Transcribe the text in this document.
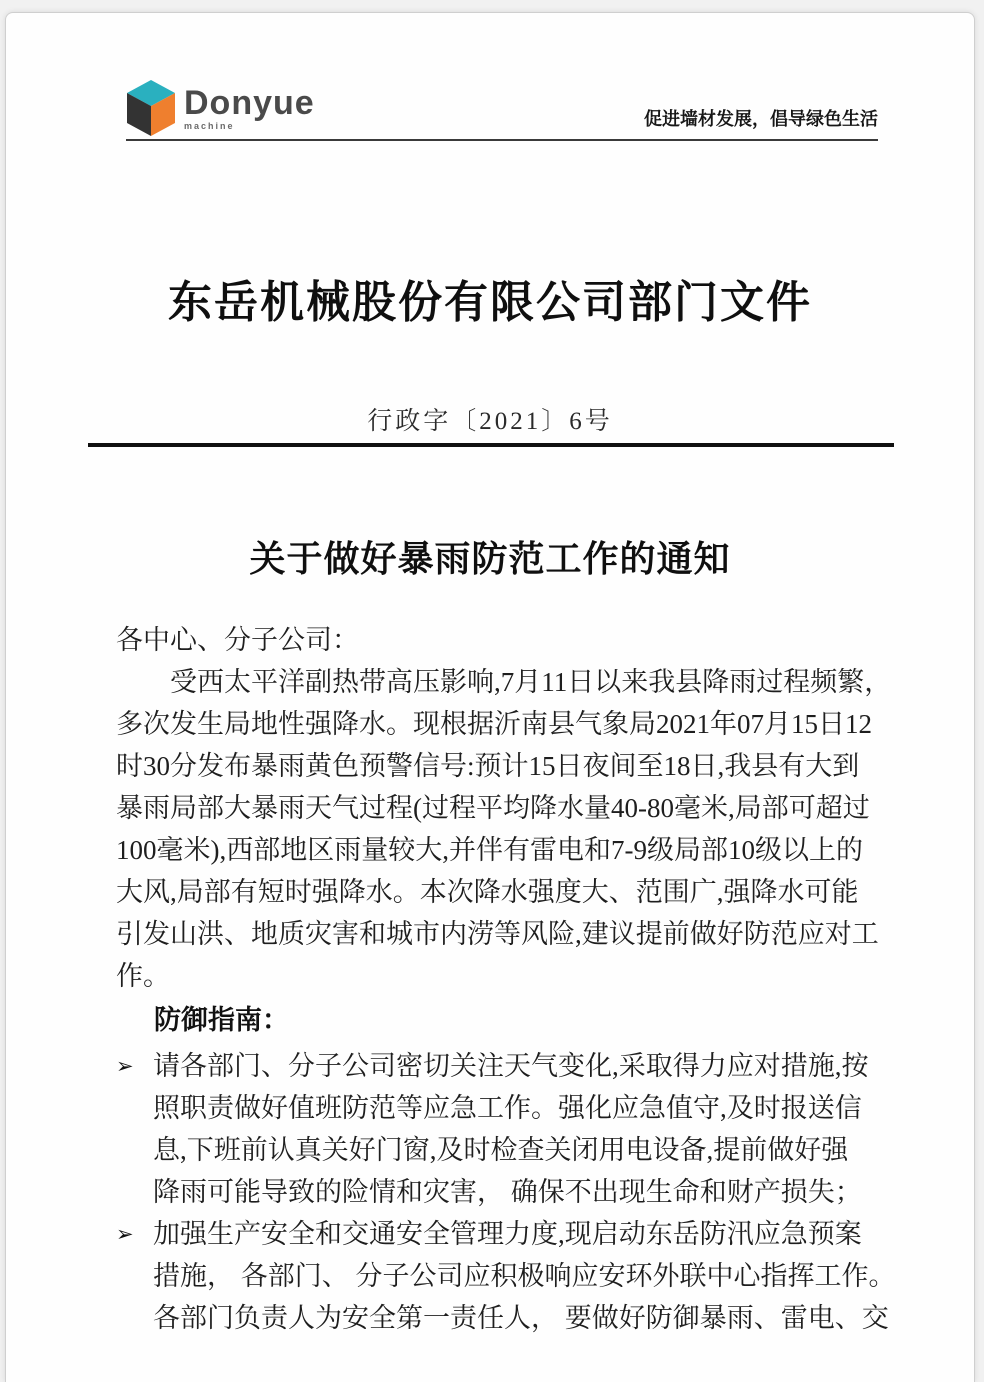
Donyue
machine	促进墙材发展，倡导绿色生活
东岳机械股份有限公司部门文件
行政字〔2021〕6号
关于做好暴雨防范工作的通知
各中心、分子公司：
受西太平洋副热带高压影响,7月11日以来我县降雨过程频繁，
多次发生局地性强降水。现根据沂南县气象局2021年07月15日12
时30分发布暴雨黄色预警信号:预计15日夜间至18日,我县有大到
暴雨局部大暴雨天气过程(过程平均降水量40-80毫米,局部可超过
100毫米),西部地区雨量较大,并伴有雷电和7-9级局部10级以上的
大风,局部有短时强降水。本次降水强度大、范围广,强降水可能
引发山洪、地质灾害和城市内涝等风险,建议提前做好防范应对工
作。
防御指南：
➢ 请各部门、分子公司密切关注天气变化,采取得力应对措施,按
照职责做好值班防范等应急工作。强化应急值守,及时报送信
息,下班前认真关好门窗,及时检查关闭用电设备,提前做好强
降雨可能导致的险情和灾害， 确保不出现生命和财产损失；
➢ 加强生产安全和交通安全管理力度,现启动东岳防汛应急预案
措施， 各部门、 分子公司应积极响应安环外联中心指挥工作。
各部门负责人为安全第一责任人， 要做好防御暴雨、雷电、交
